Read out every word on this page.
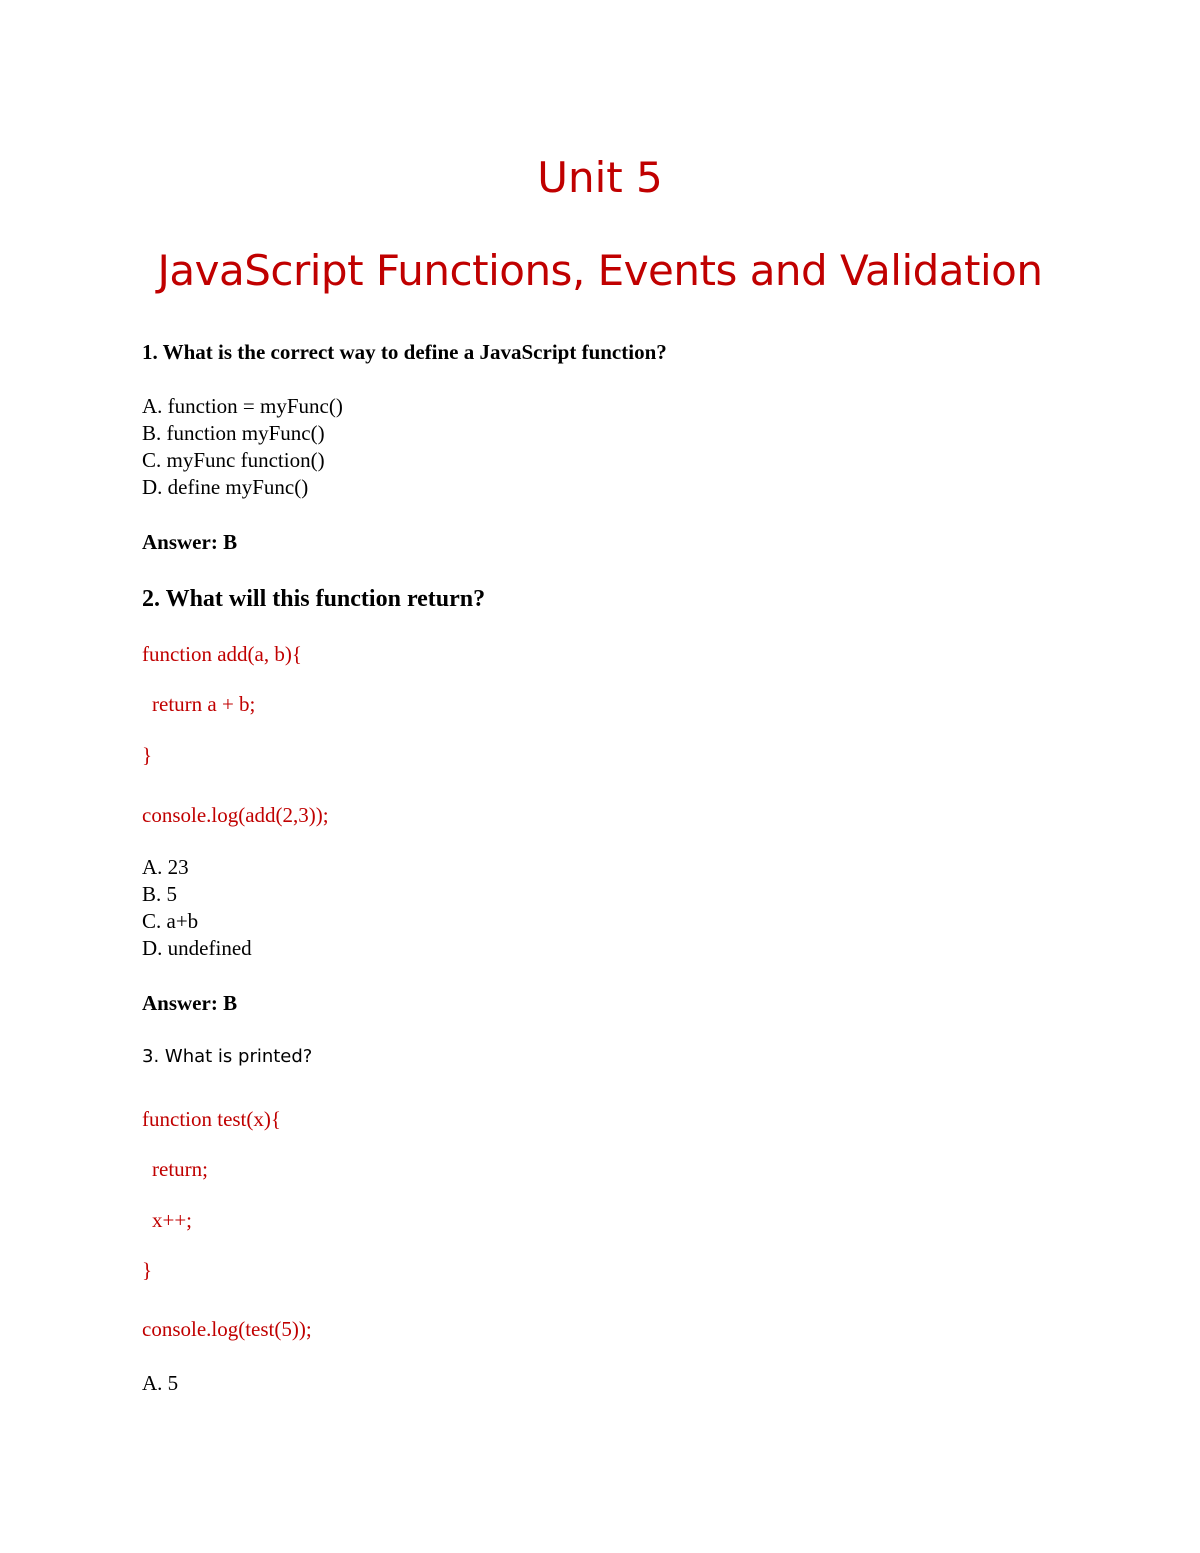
Unit 5
JavaScript Functions, Events and Validation
1. What is the correct way to define a JavaScript function?
A. function = myFunc()
B. function myFunc()
C. myFunc function()
D. define myFunc()
Answer: B
2. What will this function return?
function add(a, b){
return a + b;
}
console.log(add(2,3));
A. 23
B. 5
C. a+b
D. undefined
Answer: B
3. What is printed?
function test(x){
return;
x++;
}
console.log(test(5));
A. 5
